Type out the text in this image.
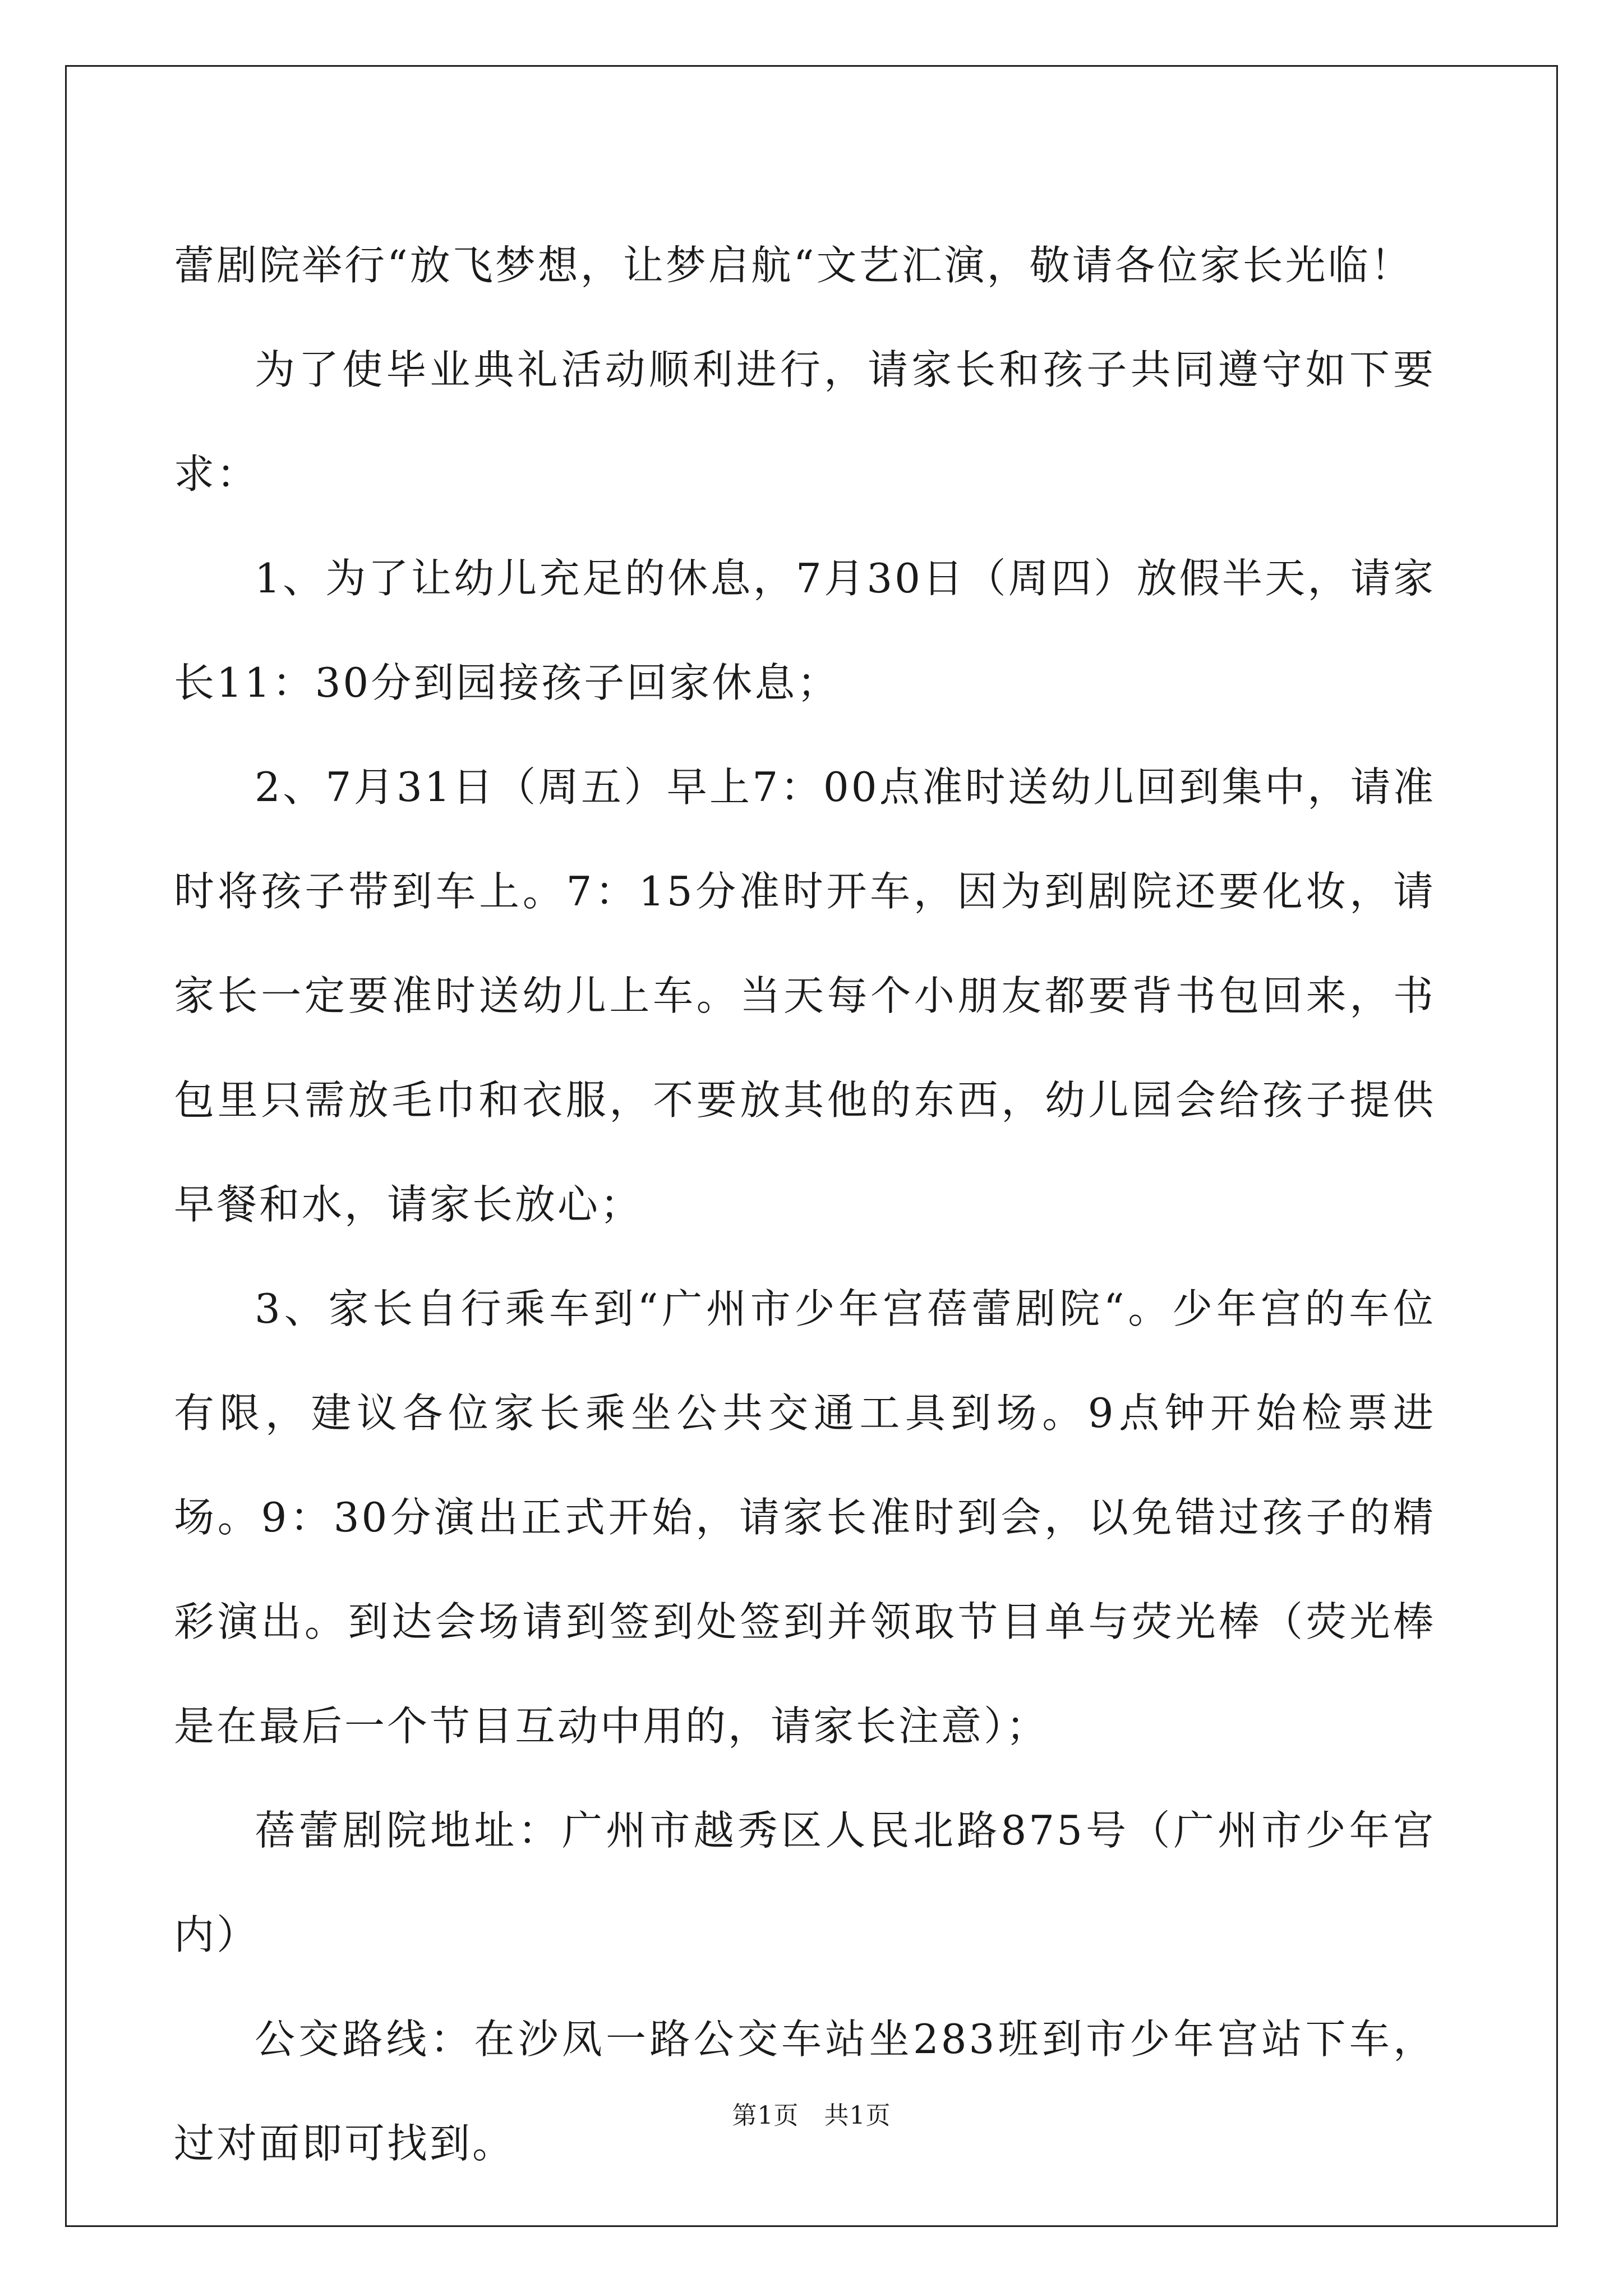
蕾剧院举行“放飞梦想，让梦启航“文艺汇演，敬请各位家长光临！

为了使毕业典礼活动顺利进行，请家长和孩子共同遵守如下要求：

1、为了让幼儿充足的休息，7月30日（周四）放假半天，请家长11：30分到园接孩子回家休息；

2、7月31日（周五）早上7：00点准时送幼儿回到集中，请准时将孩子带到车上。7：15分准时开车，因为到剧院还要化妆，请家长一定要准时送幼儿上车。当天每个小朋友都要背书包回来，书包里只需放毛巾和衣服，不要放其他的东西，幼儿园会给孩子提供早餐和水，请家长放心；

3、家长自行乘车到“广州市少年宫蓓蕾剧院“。少年宫的车位有限，建议各位家长乘坐公共交通工具到场。9点钟开始检票进场。9：30分演出正式开始，请家长准时到会，以免错过孩子的精彩演出。到达会场请到签到处签到并领取节目单与荧光棒（荧光棒是在最后一个节目互动中用的，请家长注意）；

蓓蕾剧院地址：广州市越秀区人民北路875号（广州市少年宫内）

公交路线：在沙凤一路公交车站坐283班到市少年宫站下车，过对面即可找到。

第1页 共1页
